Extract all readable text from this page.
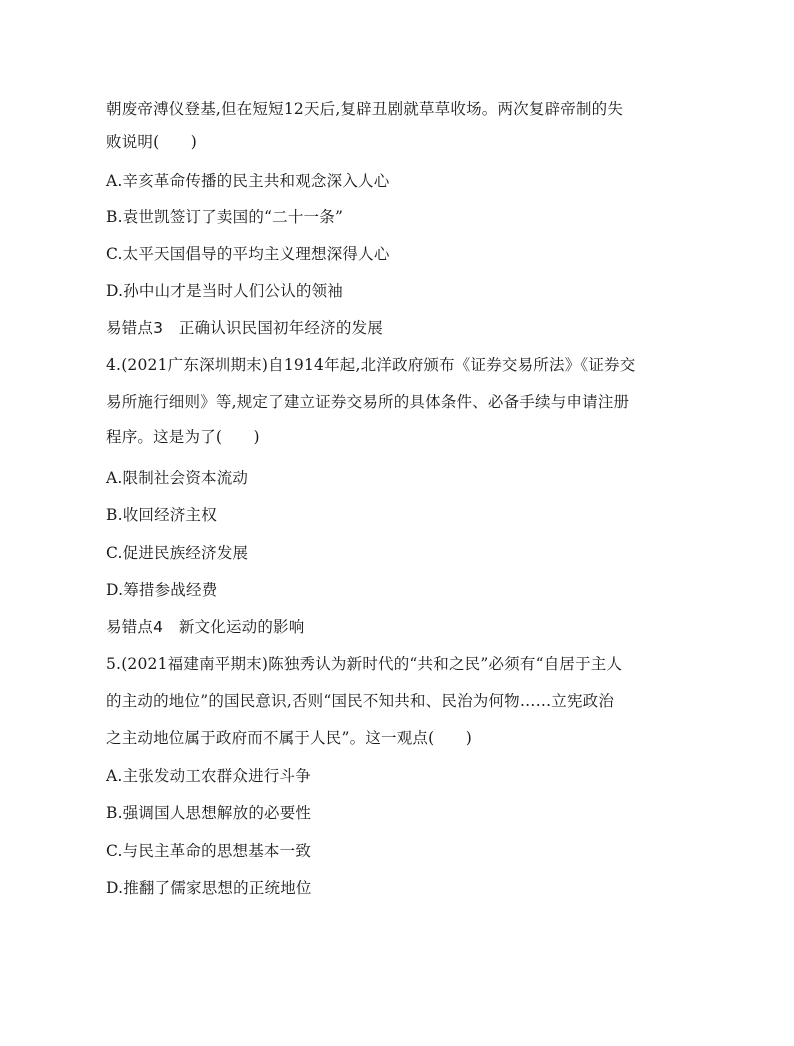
朝废帝溥仪登基,但在短短12天后,复辟丑剧就草草收场。两次复辟帝制的失
败说明(　　)
A.辛亥革命传播的民主共和观念深入人心
B.袁世凯签订了卖国的“二十一条”
C.太平天国倡导的平均主义理想深得人心
D.孙中山才是当时人们公认的领袖
易错点3　正确认识民国初年经济的发展
4.(2021广东深圳期末)自1914年起,北洋政府颁布《证券交易所法》《证券交
易所施行细则》等,规定了建立证券交易所的具体条件、必备手续与申请注册
程序。这是为了(　　)
A.限制社会资本流动
B.收回经济主权
C.促进民族经济发展
D.筹措参战经费
易错点4　新文化运动的影响
5.(2021福建南平期末)陈独秀认为新时代的“共和之民”必须有“自居于主人
的主动的地位”的国民意识,否则“国民不知共和、民治为何物……立宪政治
之主动地位属于政府而不属于人民”。这一观点(　　)
A.主张发动工农群众进行斗争
B.强调国人思想解放的必要性
C.与民主革命的思想基本一致
D.推翻了儒家思想的正统地位
